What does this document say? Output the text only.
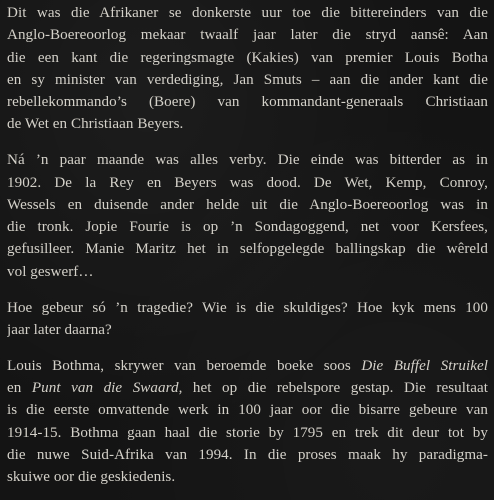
Dit was die Afrikaner se donkerste uur toe die bittereinders van die
Anglo-Boereoorlog mekaar twaalf jaar later die stryd aansê: Aan
die een kant die regeringsmagte (Kakies) van premier Louis Botha
en sy minister van verdediging, Jan Smuts – aan die ander kant die
rebellekommando’s (Boere) van kommandant-generaals Christiaan
de Wet en Christiaan Beyers.

Ná ’n paar maande was alles verby. Die einde was bitterder as in
1902. De la Rey en Beyers was dood. De Wet, Kemp, Conroy,
Wessels en duisende ander helde uit die Anglo-Boereoorlog was in
die tronk. Jopie Fourie is op ’n Sondagoggend, net voor Kersfees,
gefusilleer. Manie Maritz het in selfopgelegde ballingskap die wêreld
vol geswerf…

Hoe gebeur só ’n tragedie? Wie is die skuldiges? Hoe kyk mens 100
jaar later daarna?

Louis Bothma, skrywer van beroemde boeke soos Die Buffel Struikel
en Punt van die Swaard, het op die rebelspore gestap. Die resultaat
is die eerste omvattende werk in 100 jaar oor die bisarre gebeure van
1914-15. Bothma gaan haal die storie by 1795 en trek dit deur tot by
die nuwe Suid-Afrika van 1994. In die proses maak hy paradigma-
skuiwe oor die geskiedenis.
